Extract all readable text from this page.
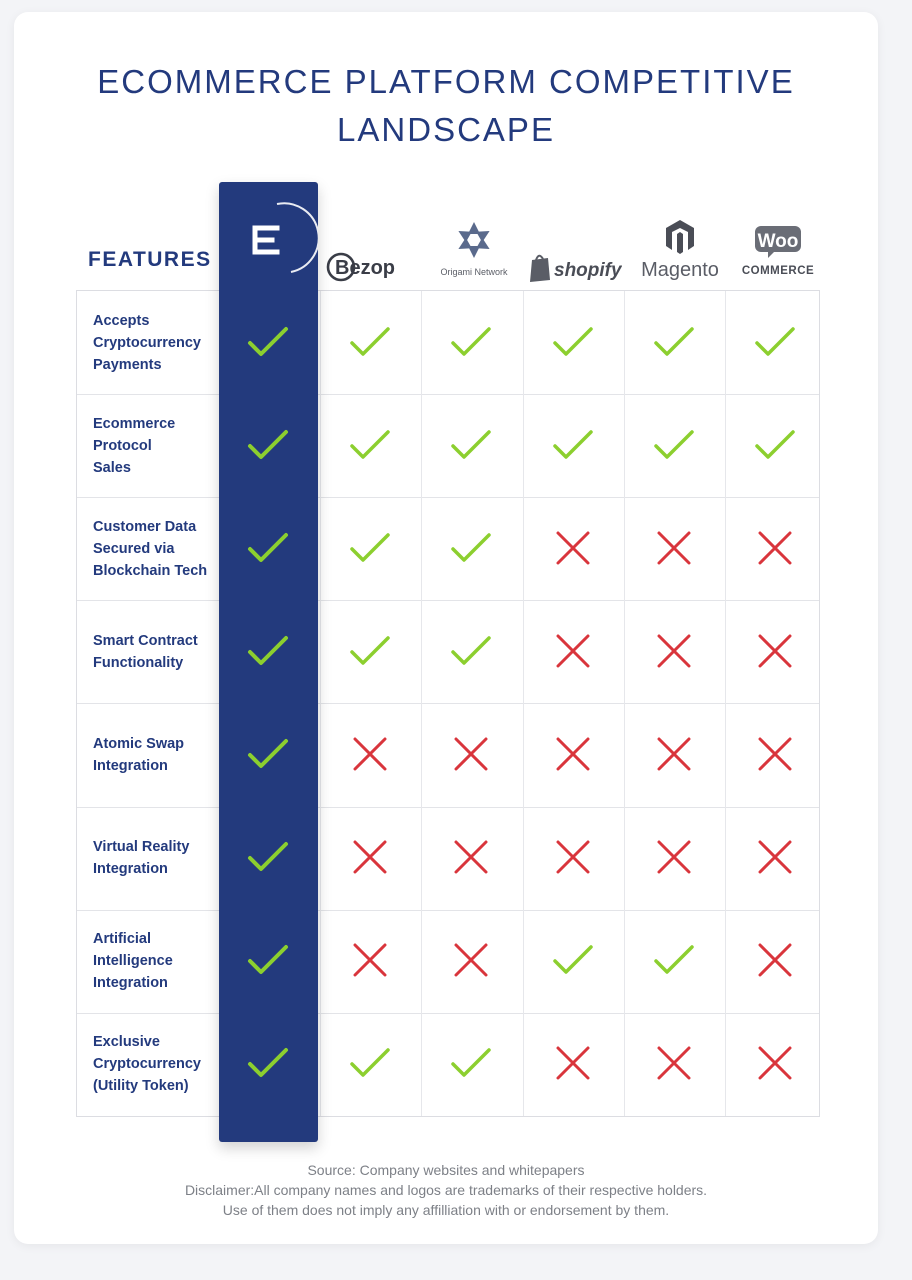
ECOMMERCE PLATFORM COMPETITIVE
LANDSCAPE
FEATURES	Bezop	Origami Network shopify Magento
Woo
COMMERCE
Accepts
Cryptocurrency
Payments
Ecommerce
Protocol
Sales
Customer Data
Secured via
Blockchain Tech
Smart Contract
Functionality
Atomic Swap
Integration
Virtual Reality
Integration
Artificial
Intelligence
Integration
Exclusive
Cryptocurrency
(Utility Token)
Source: Company websites and whitepapers
Disclaimer:All company names and logos are trademarks of their respective holders.
Use of them does not imply any affilliation with or endorsement by them.
